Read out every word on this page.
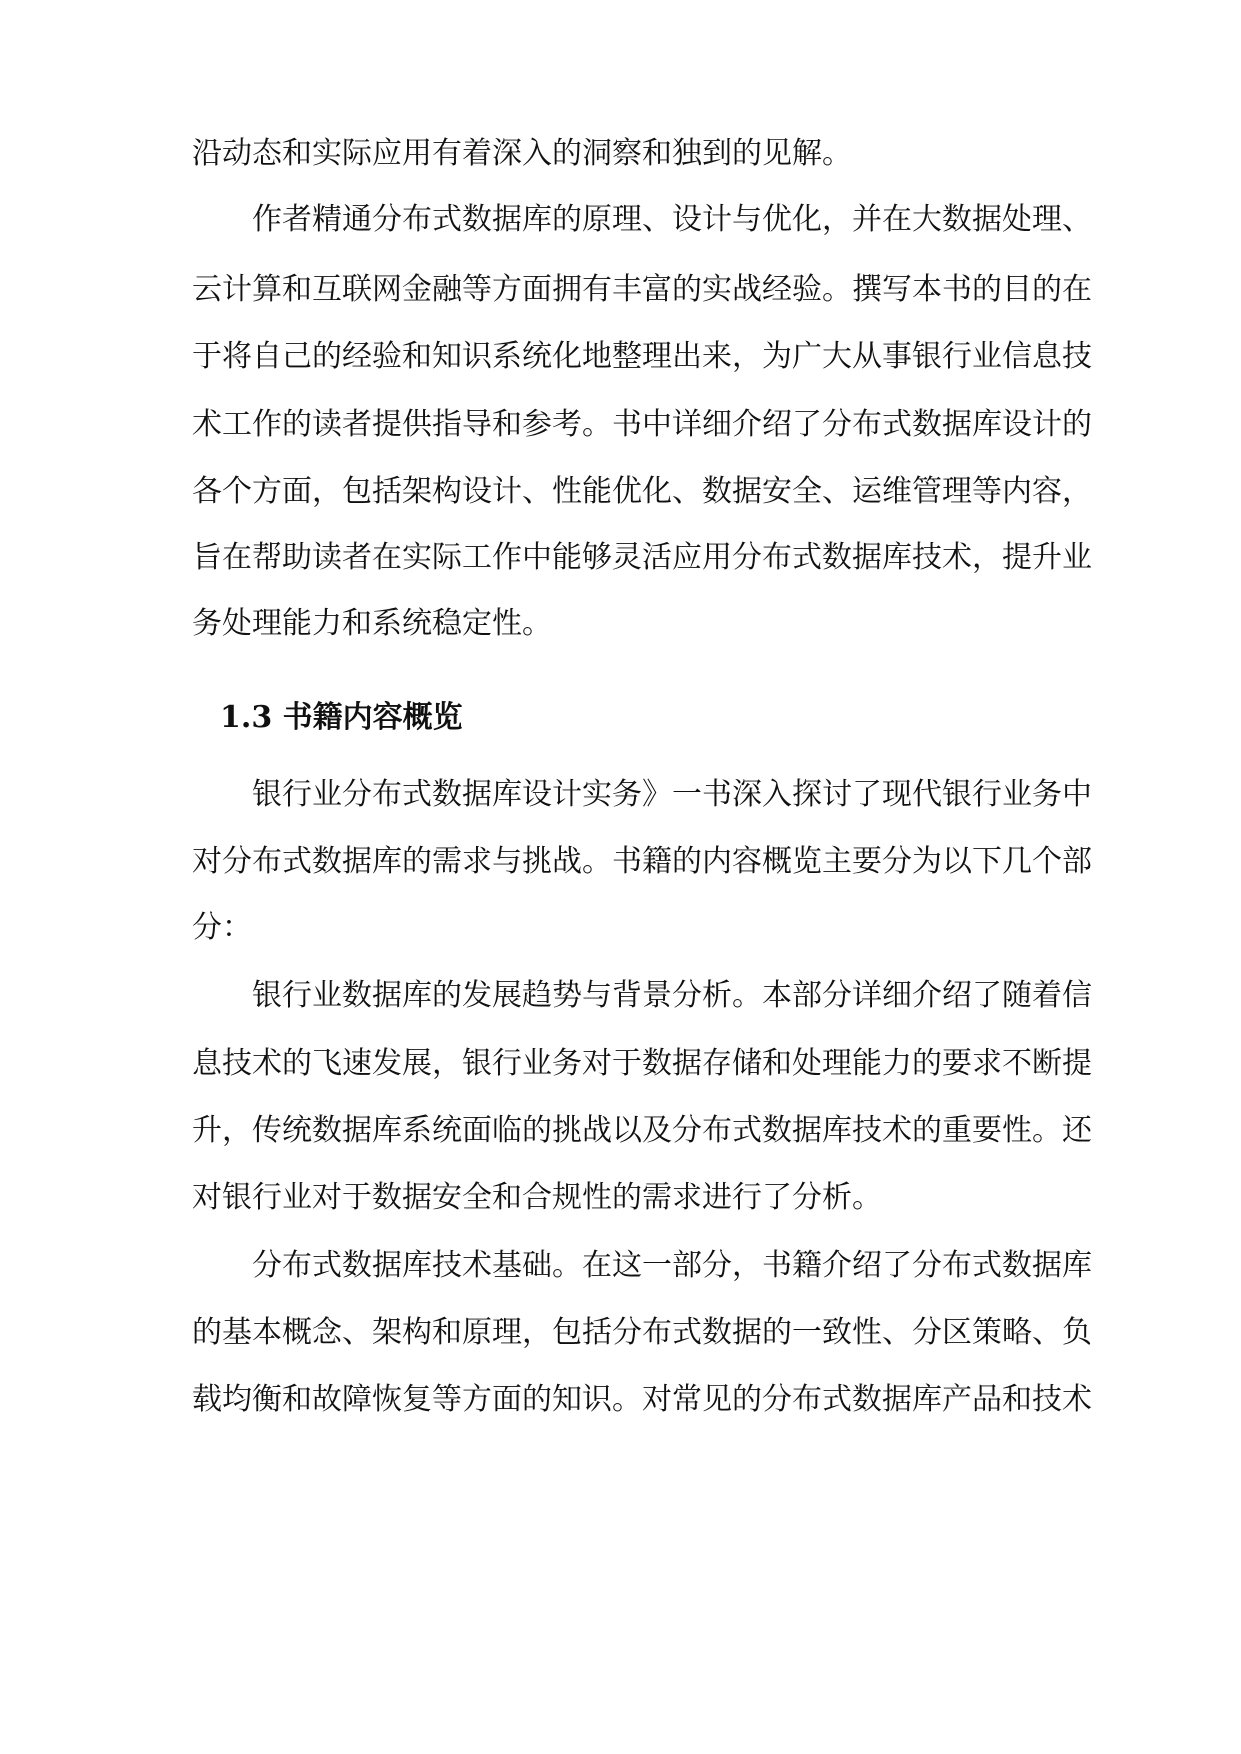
沿动态和实际应用有着深入的洞察和独到的见解。
作者精通分布式数据库的原理、设计与优化，并在大数据处理、
云计算和互联网金融等方面拥有丰富的实战经验。撰写本书的目的在
于将自己的经验和知识系统化地整理出来，为广大从事银行业信息技
术工作的读者提供指导和参考。书中详细介绍了分布式数据库设计的
各个方面，包括架构设计、性能优化、数据安全、运维管理等内容，
旨在帮助读者在实际工作中能够灵活应用分布式数据库技术，提升业
务处理能力和系统稳定性。
1.3 书籍内容概览
银行业分布式数据库设计实务》一书深入探讨了现代银行业务中
对分布式数据库的需求与挑战。书籍的内容概览主要分为以下几个部
分：
银行业数据库的发展趋势与背景分析。本部分详细介绍了随着信
息技术的飞速发展，银行业务对于数据存储和处理能力的要求不断提
升，传统数据库系统面临的挑战以及分布式数据库技术的重要性。还
对银行业对于数据安全和合规性的需求进行了分析。
分布式数据库技术基础。在这一部分，书籍介绍了分布式数据库
的基本概念、架构和原理，包括分布式数据的一致性、分区策略、负
载均衡和故障恢复等方面的知识。对常见的分布式数据库产品和技术
